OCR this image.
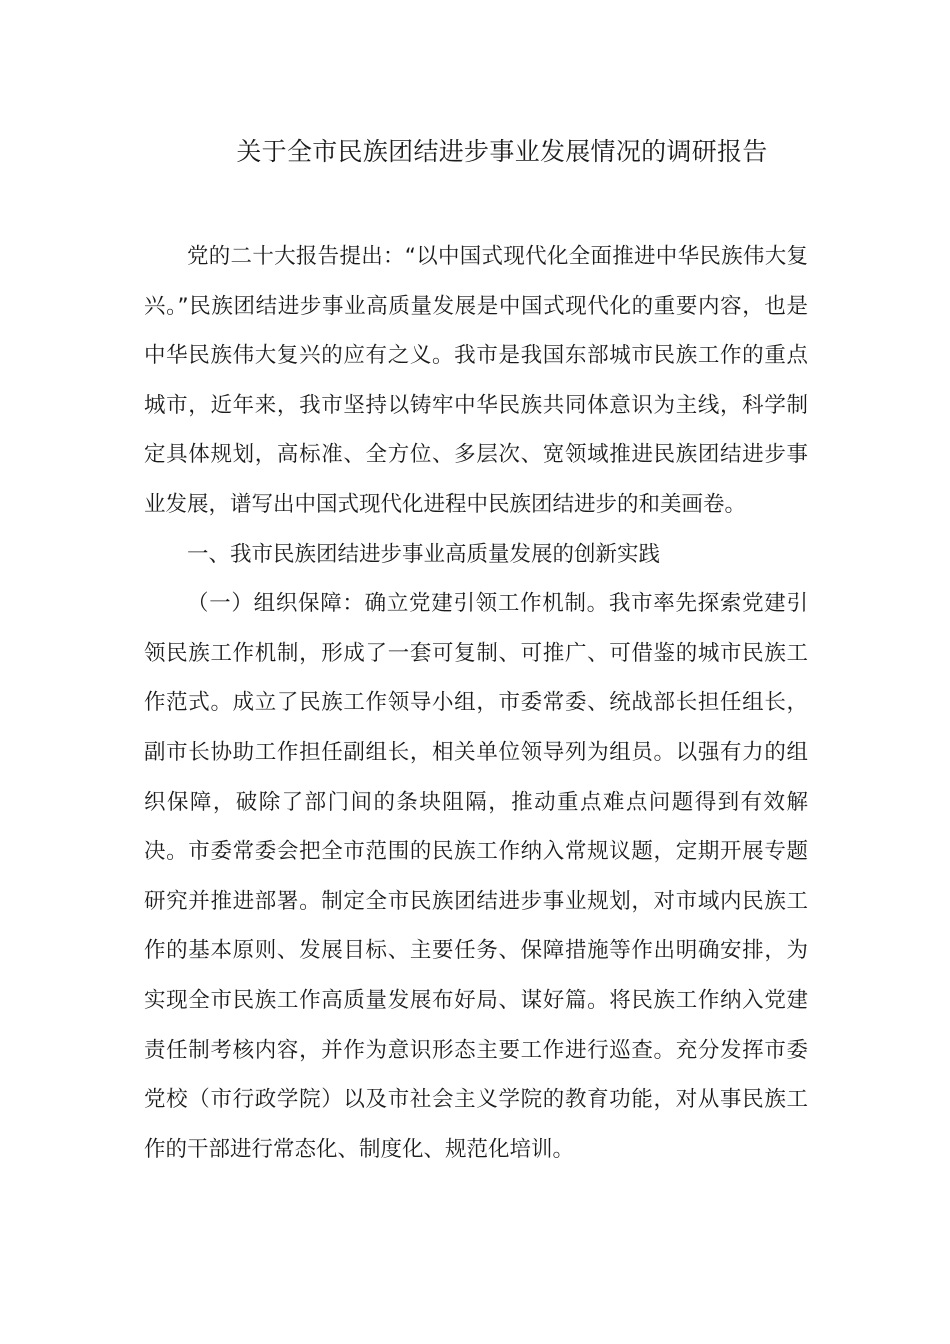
关于全市民族团结进步事业发展情况的调研报告

党的二十大报告提出：“以中国式现代化全面推进中华民族伟大复兴。”民族团结进步事业高质量发展是中国式现代化的重要内容，也是中华民族伟大复兴的应有之义。我市是我国东部城市民族工作的重点城市，近年来，我市坚持以铸牢中华民族共同体意识为主线，科学制定具体规划，高标准、全方位、多层次、宽领域推进民族团结进步事业发展，谱写出中国式现代化进程中民族团结进步的和美画卷。

一、我市民族团结进步事业高质量发展的创新实践

（一）组织保障：确立党建引领工作机制。我市率先探索党建引领民族工作机制，形成了一套可复制、可推广、可借鉴的城市民族工作范式。成立了民族工作领导小组，市委常委、统战部长担任组长，副市长协助工作担任副组长，相关单位领导列为组员。以强有力的组织保障，破除了部门间的条块阻隔，推动重点难点问题得到有效解决。市委常委会把全市范围的民族工作纳入常规议题，定期开展专题研究并推进部署。制定全市民族团结进步事业规划，对市域内民族工作的基本原则、发展目标、主要任务、保障措施等作出明确安排，为实现全市民族工作高质量发展布好局、谋好篇。将民族工作纳入党建责任制考核内容，并作为意识形态主要工作进行巡查。充分发挥市委党校（市行政学院）以及市社会主义学院的教育功能，对从事民族工作的干部进行常态化、制度化、规范化培训。
